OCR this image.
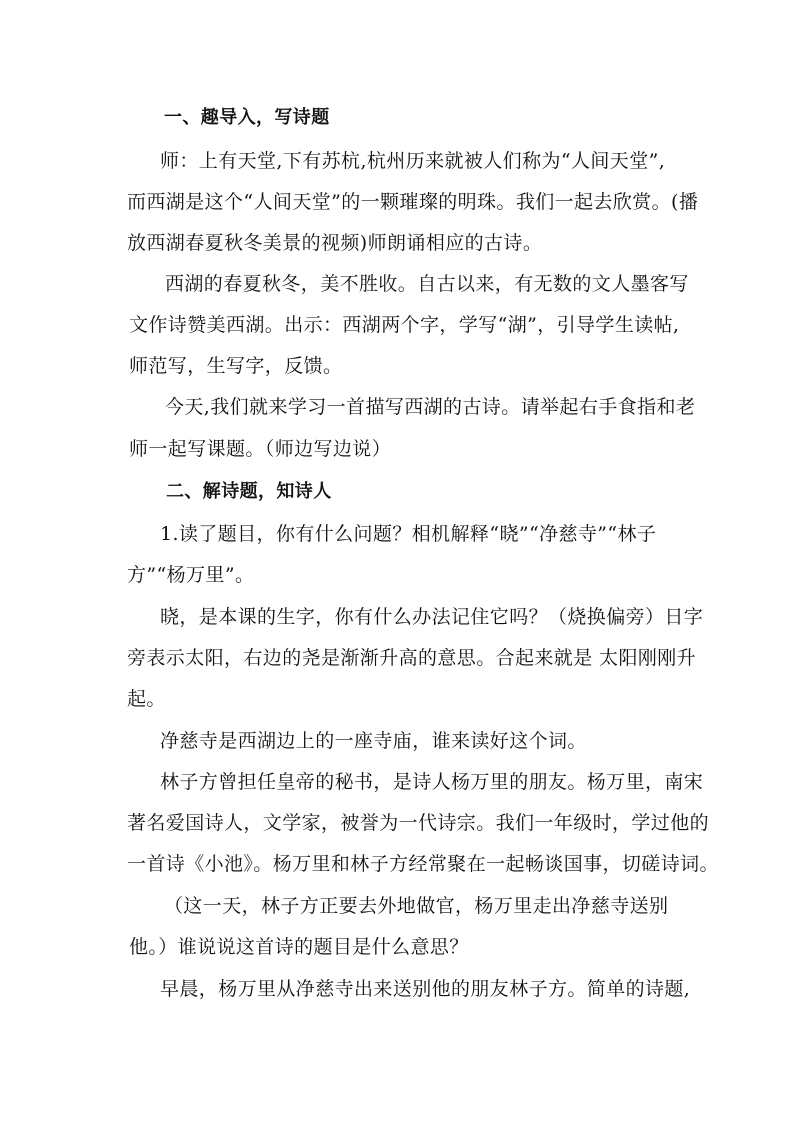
一、趣导入，写诗题

师：上有天堂,下有苏杭,杭州历来就被人们称为“人间天堂”,

而西湖是这个“人间天堂”的一颗璀璨的明珠。我们一起去欣赏。(播

放西湖春夏秋冬美景的视频)师朗诵相应的古诗。

西湖的春夏秋冬，美不胜收。自古以来，有无数的文人墨客写

文作诗赞美西湖。出示：西湖两个字，学写“湖”，引导学生读帖,

师范写，生写字，反馈。

今天,我们就来学习一首描写西湖的古诗。请举起右手食指和老

师一起写课题。（师边写边说）

二、解诗题，知诗人

1.读了题目，你有什么问题？相机解释“晓”“净慈寺”“林子

方”“杨万里”。

晓，是本课的生字，你有什么办法记住它吗？（烧换偏旁）日字

旁表示太阳，右边的尧是渐渐升高的意思。合起来就是 太阳刚刚升

起。

净慈寺是西湖边上的一座寺庙，谁来读好这个词。

林子方曾担任皇帝的秘书，是诗人杨万里的朋友。杨万里，南宋

著名爱国诗人，文学家，被誉为一代诗宗。我们一年级时，学过他的

一首诗《小池》。杨万里和林子方经常聚在一起畅谈国事，切磋诗词。

（这一天，林子方正要去外地做官，杨万里走出净慈寺送别

他。）谁说说这首诗的题目是什么意思？

早晨，杨万里从净慈寺出来送别他的朋友林子方。简单的诗题,
